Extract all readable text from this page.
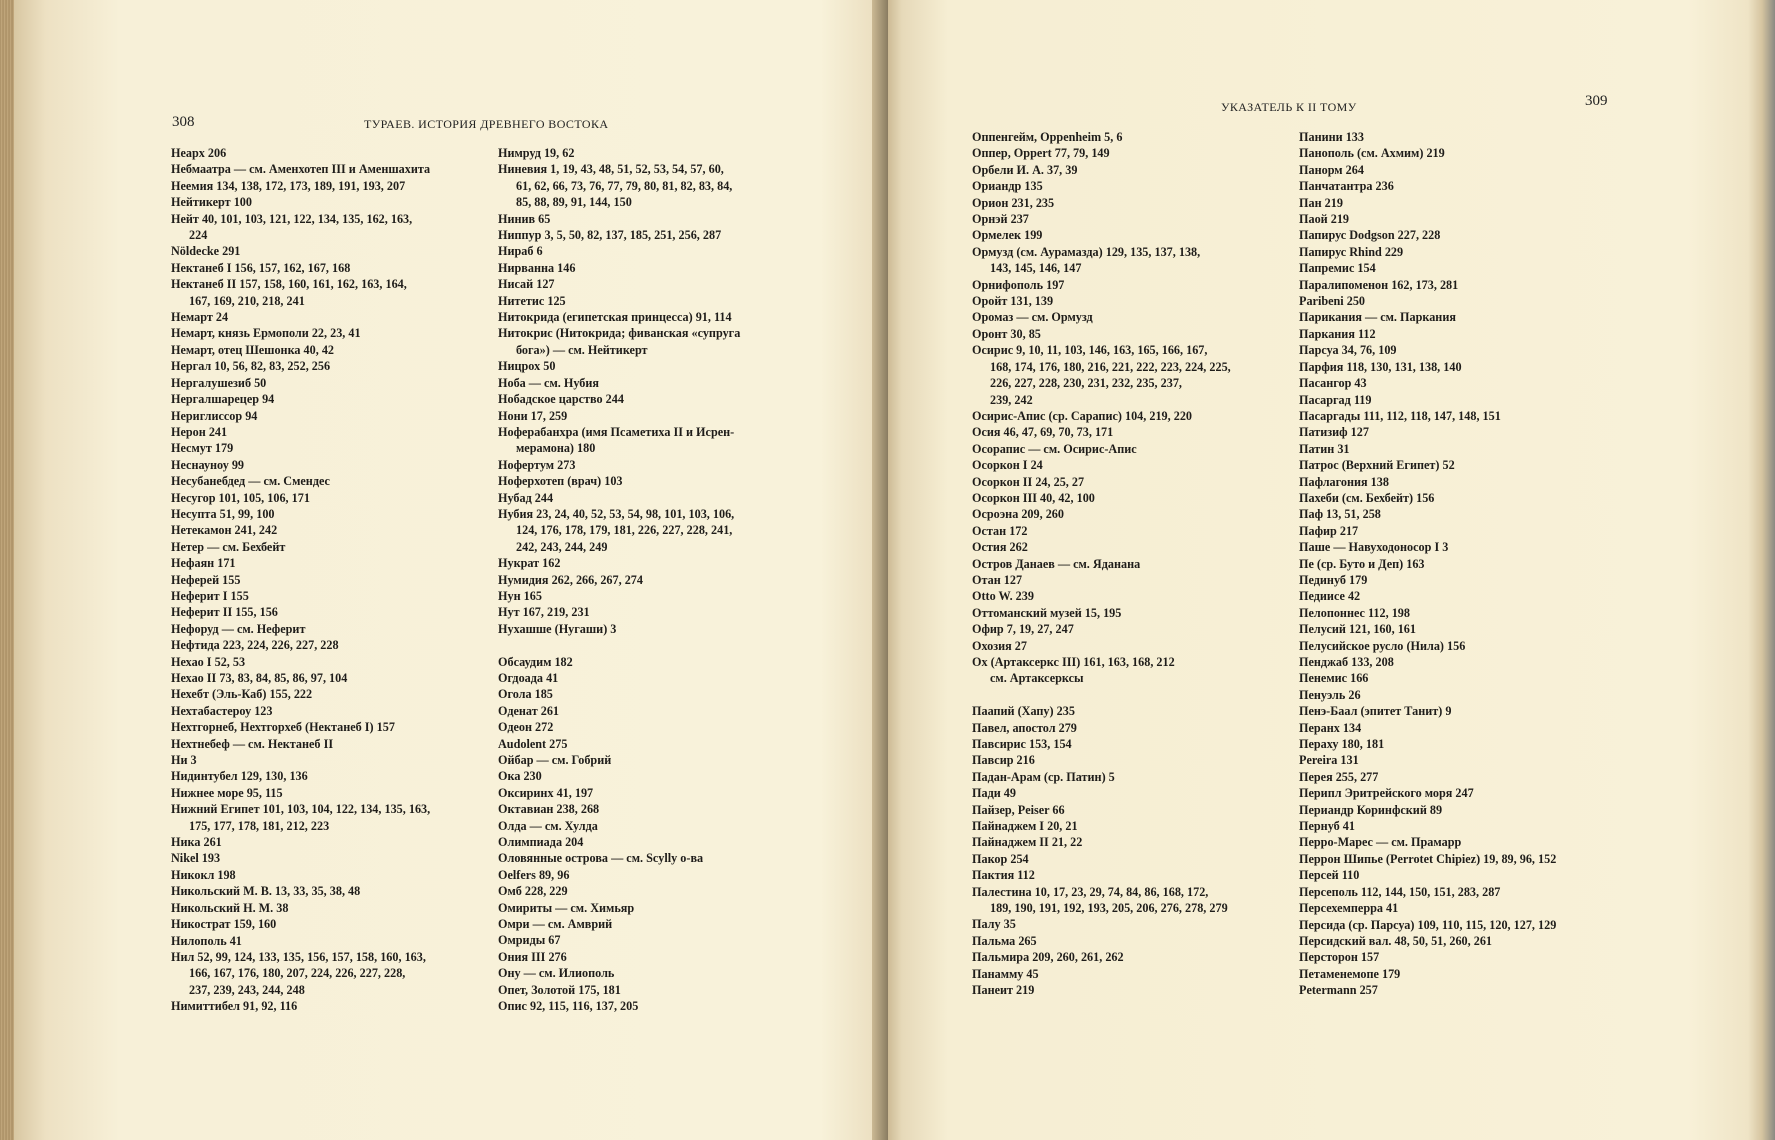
308	ТУРАЕВ. ИСТОРИЯ ДРЕВНЕГО ВОСТОКА
Неарх 206
Небмаатра — см. Аменхотеп III и Аменшахита
Неемия 134, 138, 172, 173, 189, 191, 193, 207
Нейтикерт 100
Нейт 40, 101, 103, 121, 122, 134, 135, 162, 163,
224
Nöldecke 291
Нектанеб I 156, 157, 162, 167, 168
Нектанеб II 157, 158, 160, 161, 162, 163, 164,
167, 169, 210, 218, 241
Немарт 24
Немарт, князь Ермополи 22, 23, 41
Немарт, отец Шешонка 40, 42
Нергал 10, 56, 82, 83, 252, 256
Нергалушезиб 50
Нергалшарецер 94
Нериглиссор 94
Нерон 241
Несмут 179
Неснауноу 99
Несубанебдед — см. Смендес
Несугор 101, 105, 106, 171
Несупта 51, 99, 100
Нетекамон 241, 242
Нетер — см. Бехбейт
Нефаян 171
Неферей 155
Неферит I 155
Неферит II 155, 156
Нефоруд — см. Неферит
Нефтида 223, 224, 226, 227, 228
Нехао I 52, 53
Нехао II 73, 83, 84, 85, 86, 97, 104
Нехебт (Эль-Каб) 155, 222
Нехтабастероу 123
Нехтгорнеб, Нехтгорхеб (Нектанеб I) 157
Нехтнебеф — см. Нектанеб II
Ни 3
Нидинтубел 129, 130, 136
Нижнее море 95, 115
Нижний Египет 101, 103, 104, 122, 134, 135, 163,
175, 177, 178, 181, 212, 223
Ника 261
Nikel 193
Никокл 198
Никольский М. В. 13, 33, 35, 38, 48
Никольский Н. М. 38
Никострат 159, 160
Нилополь 41
Нил 52, 99, 124, 133, 135, 156, 157, 158, 160, 163,
166, 167, 176, 180, 207, 224, 226, 227, 228,
237, 239, 243, 244, 248
Нимиттибел 91, 92, 116
Нимруд 19, 62
Ниневия 1, 19, 43, 48, 51, 52, 53, 54, 57, 60,
61, 62, 66, 73, 76, 77, 79, 80, 81, 82, 83, 84,
85, 88, 89, 91, 144, 150
Нинив 65
Ниппур 3, 5, 50, 82, 137, 185, 251, 256, 287
Нираб 6
Нирванна 146
Нисай 127
Нитетис 125
Нитокрида (египетская принцесса) 91, 114
Нитокрис (Нитокрида; фиванская «супруга
бога») — см. Нейтикерт
Ницрох 50
Ноба — см. Нубия
Нобадское царство 244
Нони 17, 259
Ноферабанхра (имя Псаметиха II и Исрен-
мерамона) 180
Нофертум 273
Ноферхотеп (врач) 103
Нубад 244
Нубия 23, 24, 40, 52, 53, 54, 98, 101, 103, 106,
124, 176, 178, 179, 181, 226, 227, 228, 241,
242, 243, 244, 249
Нукрат 162
Нумидия 262, 266, 267, 274
Нун 165
Нут 167, 219, 231
Нухашше (Нугаши) 3
Обсаудим 182
Огдоада 41
Огола 185
Оденат 261
Одеон 272
Audolent 275
Ойбар — см. Гобрий
Ока 230
Оксиринх 41, 197
Октавиан 238, 268
Олда — см. Хулда
Олимпиада 204
Оловянные острова — см. Scylly о-ва
Oelfers 89, 96
Омб 228, 229
Омириты — см. Химьяр
Омри — см. Амврий
Омриды 67
Ония III 276
Ону — см. Илиополь
Опет, Золотой 175, 181
Опис 92, 115, 116, 137, 205
УКАЗАТЕЛЬ К II ТОМУ	309
Оппенгейм, Oppenheim 5, 6
Оппер, Oppert 77, 79, 149
Орбели И. А. 37, 39
Ориандр 135
Орион 231, 235
Орнэй 237
Ормелек 199
Ормузд (см. Аурамазда) 129, 135, 137, 138,
143, 145, 146, 147
Орнифополь 197
Оройт 131, 139
Оромаз — см. Ормузд
Оронт 30, 85
Осирис 9, 10, 11, 103, 146, 163, 165, 166, 167,
168, 174, 176, 180, 216, 221, 222, 223, 224, 225,
226, 227, 228, 230, 231, 232, 235, 237,
239, 242
Осирис-Апис (ср. Сарапис) 104, 219, 220
Осия 46, 47, 69, 70, 73, 171
Осорапис — см. Осирис-Апис
Осоркон I 24
Осоркон II 24, 25, 27
Осоркон III 40, 42, 100
Осроэна 209, 260
Остан 172
Остия 262
Остров Данаев — см. Яданана
Отан 127
Otto W. 239
Оттоманский музей 15, 195
Офир 7, 19, 27, 247
Охозия 27
Ох (Артаксеркс III) 161, 163, 168, 212
см. Артаксерксы
Паапий (Хапу) 235
Павел, апостол 279
Павсирис 153, 154
Павсир 216
Падан-Арам (ср. Патин) 5
Пади 49
Пайзер, Peiser 66
Пайнаджем I 20, 21
Пайнаджем II 21, 22
Пакор 254
Пактия 112
Палестина 10, 17, 23, 29, 74, 84, 86, 168, 172,
189, 190, 191, 192, 193, 205, 206, 276, 278, 279
Палу 35
Пальма 265
Пальмира 209, 260, 261, 262
Панамму 45
Панеит 219
Панини 133
Панополь (см. Ахмим) 219
Панорм 264
Панчатантра 236
Пан 219
Паой 219
Папирус Dodgson 227, 228
Папирус Rhind 229
Папремис 154
Паралипоменон 162, 173, 281
Paribeni 250
Парикания — см. Паркания
Паркания 112
Парсуа 34, 76, 109
Парфия 118, 130, 131, 138, 140
Пасангор 43
Пасаргад 119
Пасаргады 111, 112, 118, 147, 148, 151
Патизиф 127
Патин 31
Патрос (Верхний Египет) 52
Пафлагония 138
Пахеби (см. Бехбейт) 156
Паф 13, 51, 258
Пафир 217
Паше — Навуходоносор I 3
Пе (ср. Буто и Деп) 163
Пединуб 179
Педиисе 42
Пелопоннес 112, 198
Пелусий 121, 160, 161
Пелусийское русло (Нила) 156
Пенджаб 133, 208
Пенемис 166
Пенуэль 26
Пенэ-Баал (эпитет Танит) 9
Перанх 134
Пераху 180, 181
Pereira 131
Перея 255, 277
Перипл Эритрейского моря 247
Периандр Коринфский 89
Пернуб 41
Перро-Марес — см. Прамарр
Перрон Шипье (Perrotet Chipiez) 19, 89, 96, 152
Персей 110
Персеполь 112, 144, 150, 151, 283, 287
Персехемперра 41
Персида (ср. Парсуа) 109, 110, 115, 120, 127, 129
Персидский вал. 48, 50, 51, 260, 261
Персторон 157
Петаменемопе 179
Petermann 257
